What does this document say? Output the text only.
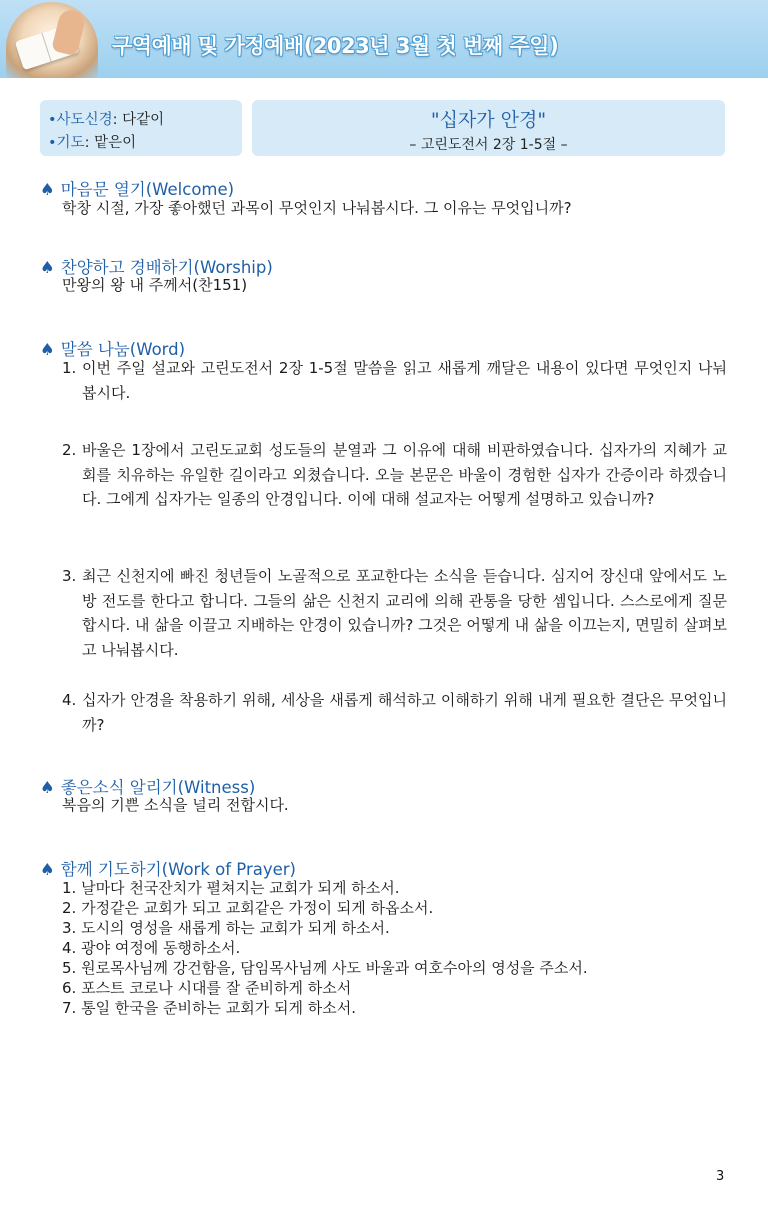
구역예배 및 가정예배(2023년 3월 첫 번째 주일)
•사도신경: 다같이
•기도: 맡은이
"십자가 안경"
– 고린도전서 2장 1-5절 –
♠ 마음문 열기(Welcome)
학창 시절, 가장 좋아했던 과목이 무엇인지 나눠봅시다. 그 이유는 무엇입니까?
♠ 찬양하고 경배하기(Worship)
만왕의 왕 내 주께서(찬151)
♠ 말씀 나눔(Word)
1. 이번 주일 설교와 고린도전서 2장 1-5절 말씀을 읽고 새롭게 깨달은 내용이 있다면 무엇인지 나눠봅시다.
2. 바울은 1장에서 고린도교회 성도들의 분열과 그 이유에 대해 비판하였습니다. 십자가의 지혜가 교회를 치유하는 유일한 길이라고 외쳤습니다. 오늘 본문은 바울이 경험한 십자가 간증이라 하겠습니다. 그에게 십자가는 일종의 안경입니다. 이에 대해 설교자는 어떻게 설명하고 있습니까?
3. 최근 신천지에 빠진 청년들이 노골적으로 포교한다는 소식을 듣습니다. 심지어 장신대 앞에서도 노방 전도를 한다고 합니다. 그들의 삶은 신천지 교리에 의해 관통을 당한 셈입니다. 스스로에게 질문합시다. 내 삶을 이끌고 지배하는 안경이 있습니까? 그것은 어떻게 내 삶을 이끄는지, 면밀히 살펴보고 나눠봅시다.
4. 십자가 안경을 착용하기 위해, 세상을 새롭게 해석하고 이해하기 위해 내게 필요한 결단은 무엇입니까?
♠ 좋은소식 알리기(Witness)
복음의 기쁜 소식을 널리 전합시다.
♠ 함께 기도하기(Work of Prayer)
1. 날마다 천국잔치가 펼쳐지는 교회가 되게 하소서.
2. 가정같은 교회가 되고 교회같은 가정이 되게 하옵소서.
3. 도시의 영성을 새롭게 하는 교회가 되게 하소서.
4. 광야 여정에 동행하소서.
5. 원로목사님께 강건함을, 담임목사님께 사도 바울과 여호수아의 영성을 주소서.
6. 포스트 코로나 시대를 잘 준비하게 하소서
7. 통일 한국을 준비하는 교회가 되게 하소서.
3
